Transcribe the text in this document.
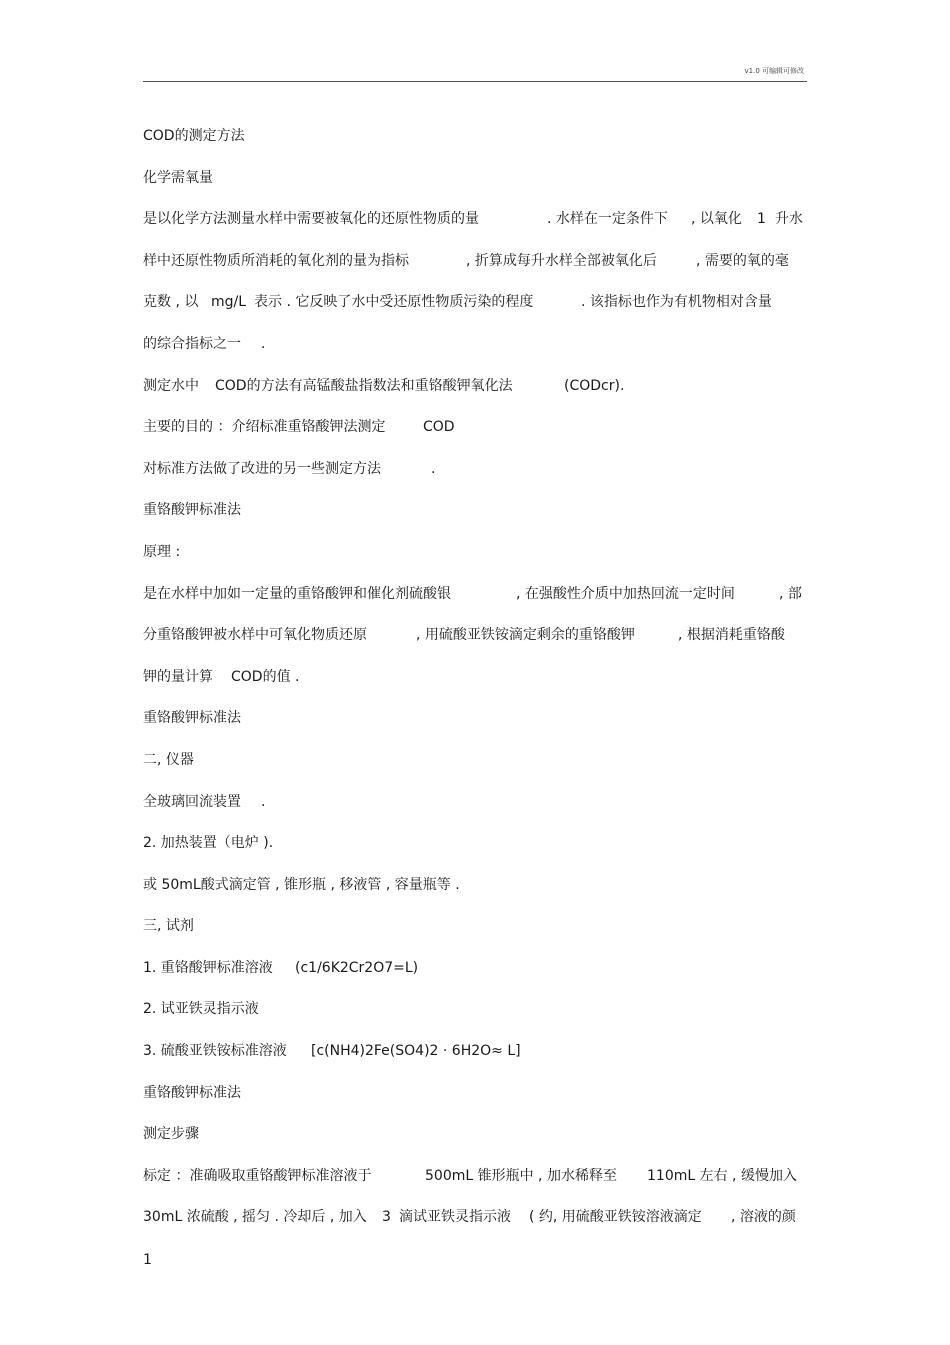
v1.0 可编辑可修改
COD的测定方法
化学需氧量
是以化学方法测量水样中需要被氧化的还原性物质的量	. 水样在一定条件下 , 以氧化 1 升水
样中还原性物质所消耗的氧化剂的量为指标	, 折算成每升水样全部被氧化后	, 需要的氧的毫
克数 , 以 mg/L 表示 . 它反映了水中受还原性物质污染的程度	. 该指标也作为有机物相对含量
的综合指标之一 .
测定水中 COD的方法有高锰酸盐指数法和重铬酸钾氧化法	(CODcr).
主要的目的 ：介绍标准重铬酸钾法测定	COD
对标准方法做了改进的另一些测定方法	.
重铬酸钾标准法
原理 :
是在水样中加如一定量的重铬酸钾和催化剂硫酸银	, 在强酸性介质中加热回流一定时间	, 部
分重铬酸钾被水样中可氧化物质还原	, 用硫酸亚铁铵滴定剩余的重铬酸钾	, 根据消耗重铬酸
钾的量计算 COD的值 .
重铬酸钾标准法
二, 仪器
全玻璃回流装置 .
2. 加热装置（电炉 ).
或 50mL酸式滴定管 , 锥形瓶 , 移液管 , 容量瓶等 .
三, 试剂
1. 重铬酸钾标准溶液 (c1/6K2Cr2O7=L)
2. 试亚铁灵指示液
3. 硫酸亚铁铵标准溶液 [c(NH4)2Fe(SO4)2 · 6H2O≈ L]
重铬酸钾标准法
测定步骤
标定 ：准确吸取重铬酸钾标准溶液于	500mL 锥形瓶中 , 加水稀释至 110mL 左右 , 缓慢加入
30mL 浓硫酸 , 摇匀 . 冷却后 , 加入 3 滴试亚铁灵指示液 ( 约, 用硫酸亚铁铵溶液滴定 , 溶液的颜
1
